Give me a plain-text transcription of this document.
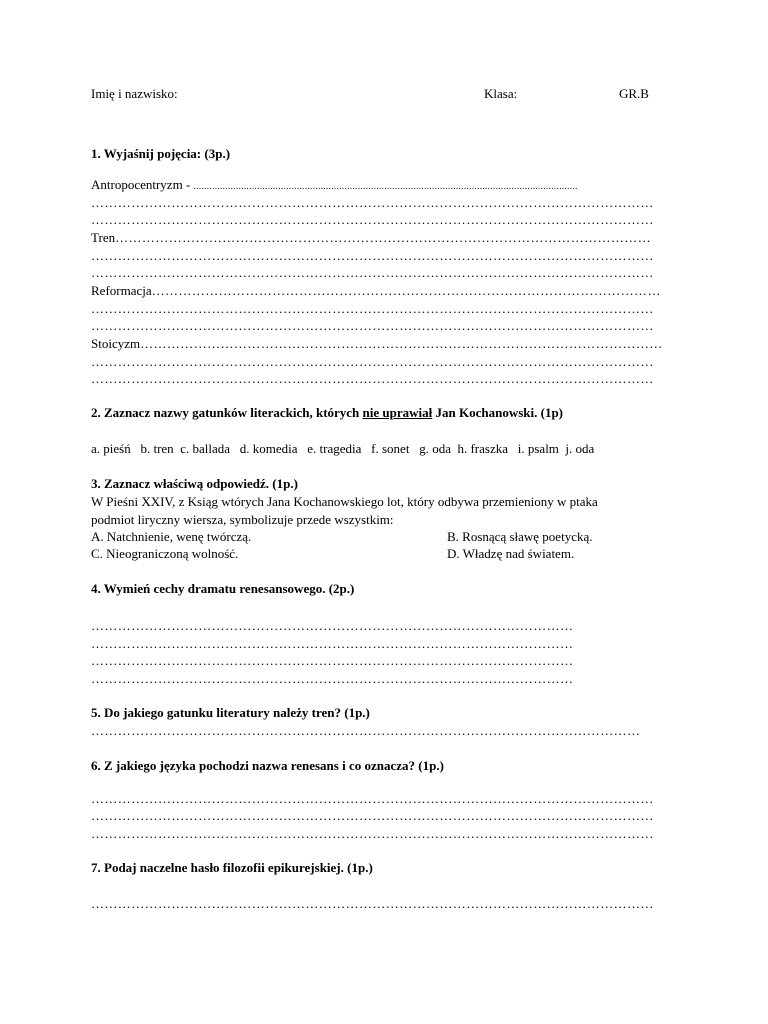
Imię i nazwisko:	Klasa:	GR.B
1. Wyjaśnij pojęcia: (3p.)
Antropocentryzm - .................................................................................................................................................
………………………………………………………………………………………………………………
………………………………………………………………………………………………………………
Tren…………………………………………………………………………………………………………
………………………………………………………………………………………………………………
………………………………………………………………………………………………………………
Reformacja……………………………………………………………………………………………………
………………………………………………………………………………………………………………
………………………………………………………………………………………………………………
Stoicyzm………………………………………………………………………………………………………
………………………………………………………………………………………………………………
………………………………………………………………………………………………………………
2. Zaznacz nazwy gatunków literackich, których nie uprawiał Jan Kochanowski. (1p)
a. pieśń b. tren c. ballada d. komedia e. tragedia f. sonet g. oda h. fraszka i. psalm j. oda
3. Zaznacz właściwą odpowiedź. (1p.)
W Pieśni XXIV, z Ksiąg wtórych Jana Kochanowskiego lot, który odbywa przemieniony w ptaka
podmiot liryczny wiersza, symbolizuje przede wszystkim:
A. Natchnienie, wenę twórczą.	B. Rosnącą sławę poetycką.
C. Nieograniczoną wolność.	D. Władzę nad światem.
4. Wymień cechy dramatu renesansowego. (2p.)
………………………………………………………………………………………………
………………………………………………………………………………………………
………………………………………………………………………………………………
………………………………………………………………………………………………
5. Do jakiego gatunku literatury należy tren? (1p.)
……………………………………………………………………………………………………………
6. Z jakiego języka pochodzi nazwa renesans i co oznacza? (1p.)
………………………………………………………………………………………………………………
………………………………………………………………………………………………………………
………………………………………………………………………………………………………………
7. Podaj naczelne hasło filozofii epikurejskiej. (1p.)
………………………………………………………………………………………………………………
